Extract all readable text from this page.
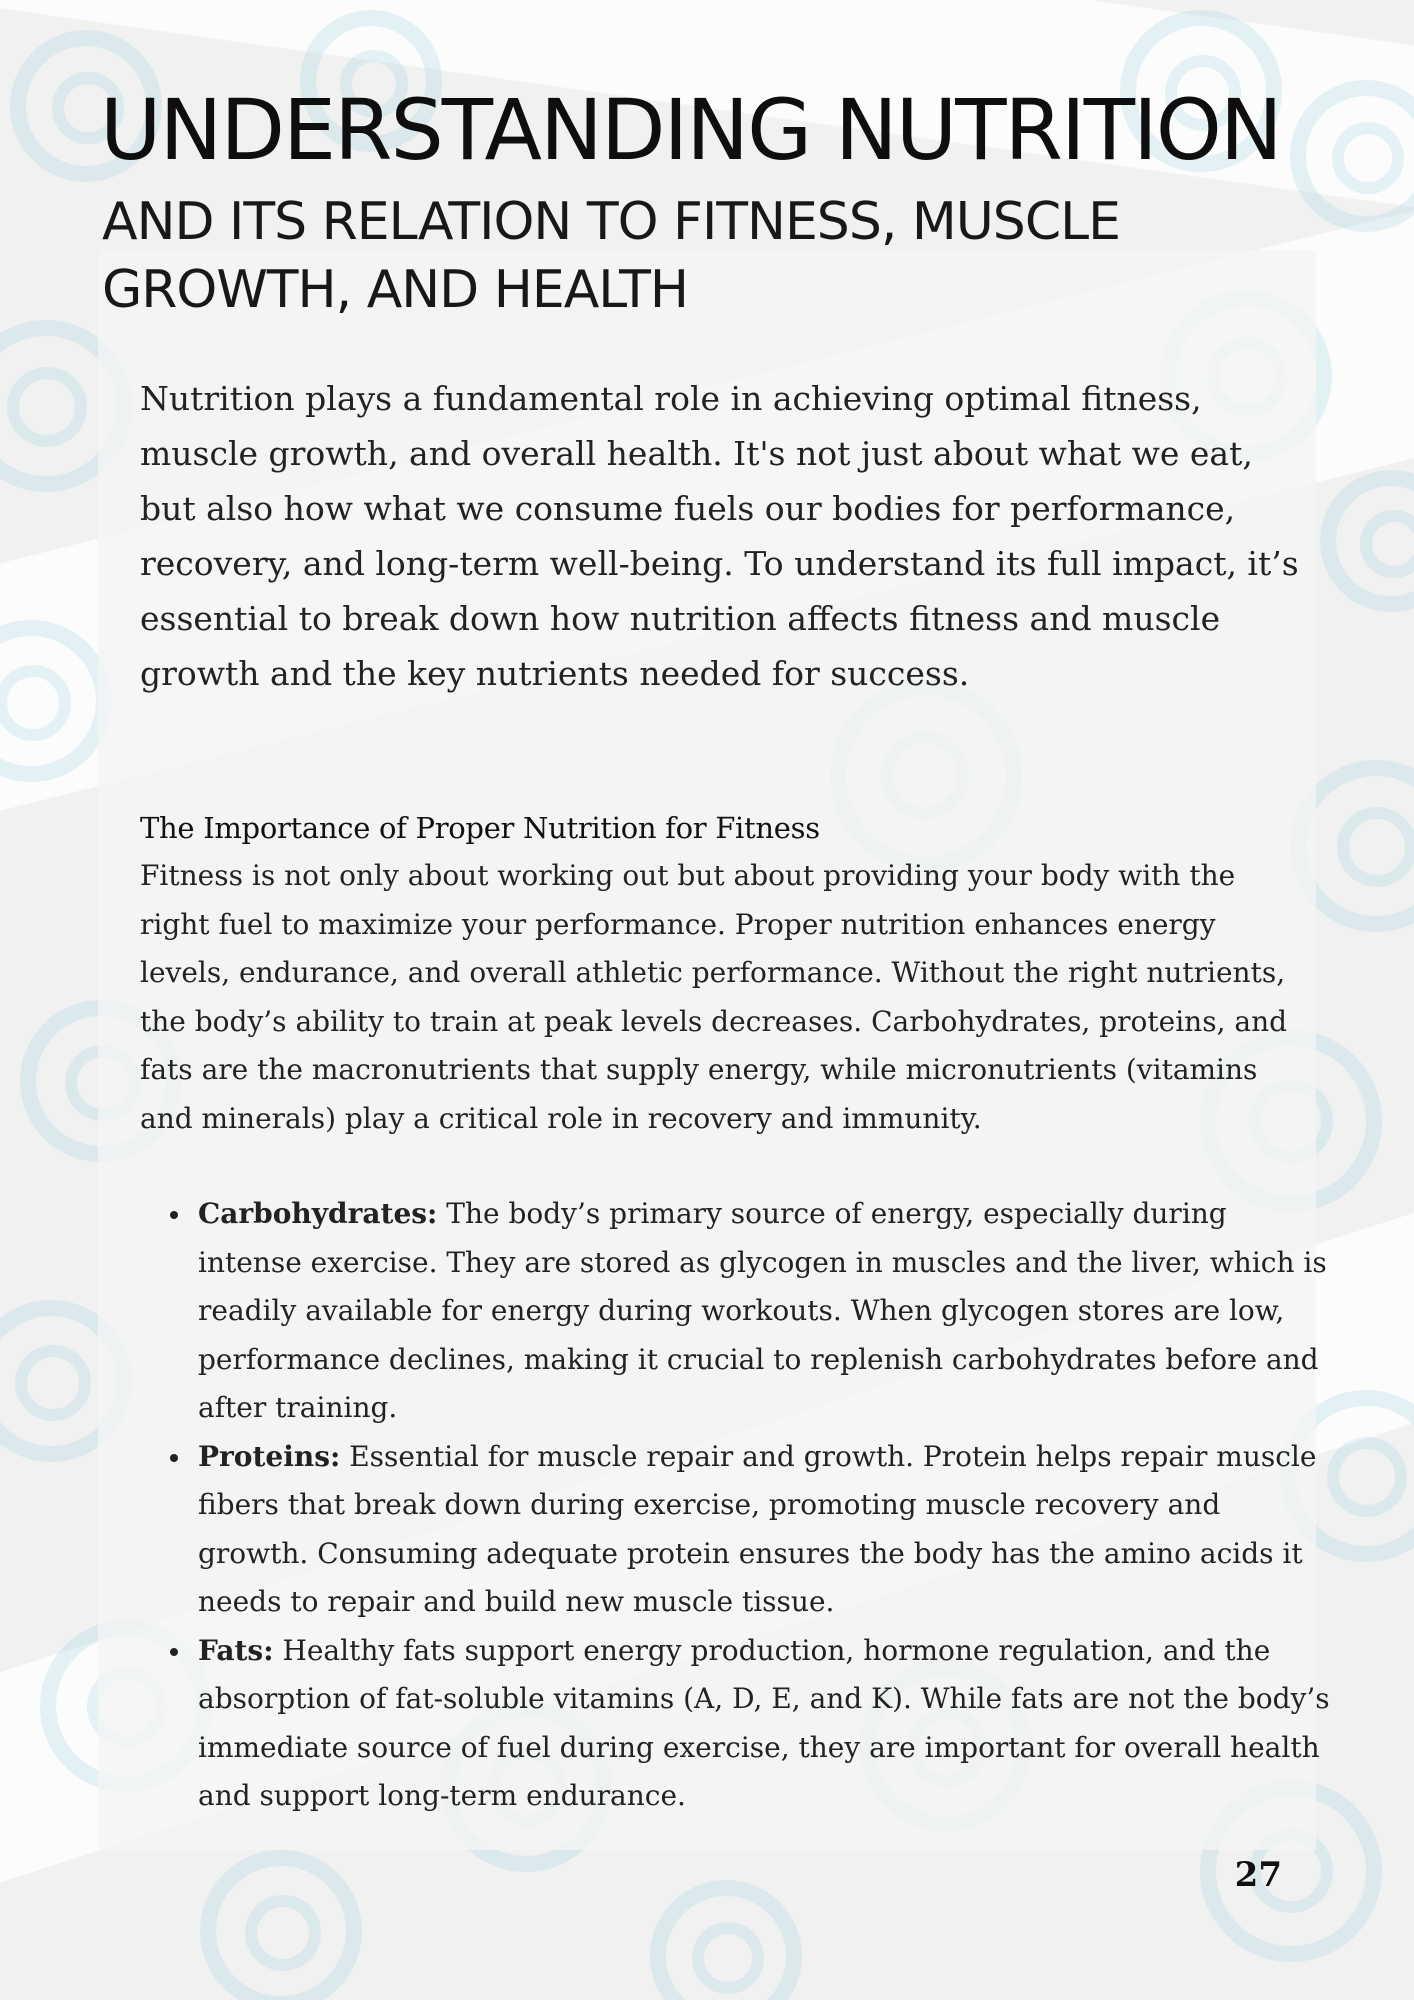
UNDERSTANDING NUTRITION
AND ITS RELATION TO FITNESS, MUSCLE GROWTH, AND HEALTH

Nutrition plays a fundamental role in achieving optimal fitness, muscle growth, and overall health. It's not just about what we eat, but also how what we consume fuels our bodies for performance, recovery, and long-term well-being. To understand its full impact, it’s essential to break down how nutrition affects fitness and muscle growth and the key nutrients needed for success.

The Importance of Proper Nutrition for Fitness

Fitness is not only about working out but about providing your body with the right fuel to maximize your performance. Proper nutrition enhances energy levels, endurance, and overall athletic performance. Without the right nutrients, the body’s ability to train at peak levels decreases. Carbohydrates, proteins, and fats are the macronutrients that supply energy, while micronutrients (vitamins and minerals) play a critical role in recovery and immunity.

Carbohydrates: The body’s primary source of energy, especially during intense exercise. They are stored as glycogen in muscles and the liver, which is readily available for energy during workouts. When glycogen stores are low, performance declines, making it crucial to replenish carbohydrates before and after training.
Proteins: Essential for muscle repair and growth. Protein helps repair muscle fibers that break down during exercise, promoting muscle recovery and growth. Consuming adequate protein ensures the body has the amino acids it needs to repair and build new muscle tissue.
Fats: Healthy fats support energy production, hormone regulation, and the absorption of fat-soluble vitamins (A, D, E, and K). While fats are not the body’s immediate source of fuel during exercise, they are important for overall health and support long-term endurance.

27
